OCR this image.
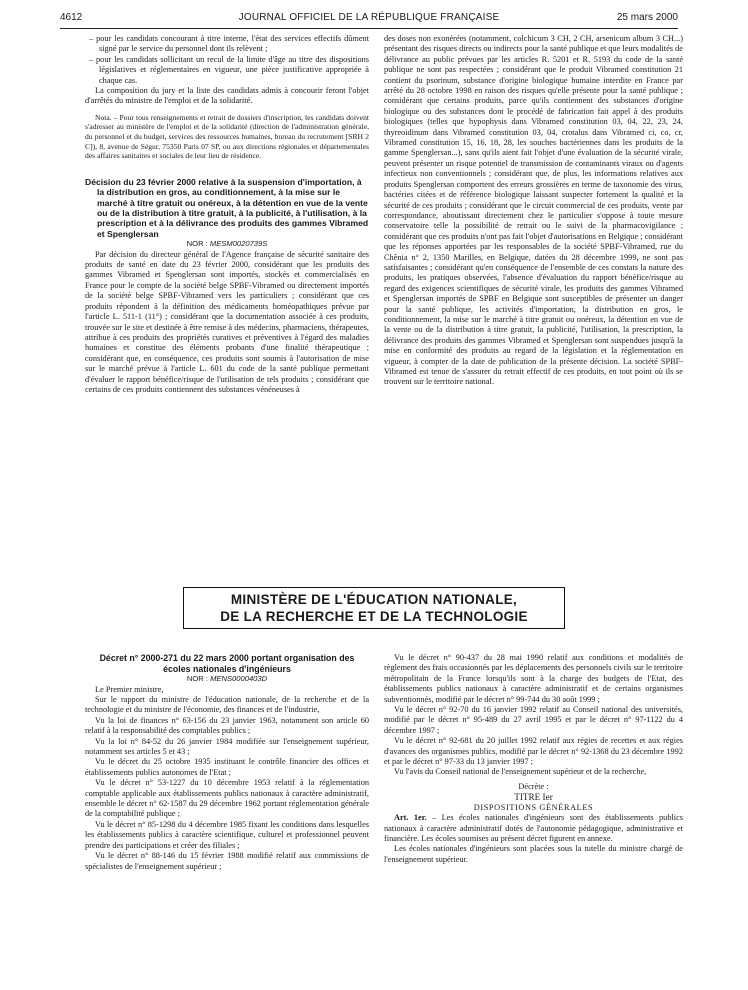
4612	JOURNAL OFFICIEL DE LA RÉPUBLIQUE FRANÇAISE	25 mars 2000

– pour les candidats concourant à titre interne, l'état des services effectifs dûment signé par le service du personnel dont ils relèvent ;

– pour les candidats sollicitant un recul de la limite d'âge au titre des dispositions législatives et réglementaires en vigueur, une pièce justificative appropriée à chaque cas.

La composition du jury et la liste des candidats admis à concourir feront l'objet d'arrêtés du ministre de l'emploi et de la solidarité.

Nota. – Pour tous renseignements et retrait de dossiers d'inscription, les candidats doivent s'adresser au ministère de l'emploi et de la solidarité (direction de l'administration générale, du personnel et du budget, services des ressources humaines, bureau du recrutement [SRH 2 C]), 8, avenue de Ségur, 75350 Paris 07 SP, ou aux directions régionales et départementales des affaires sanitaires et sociales de leur lieu de résidence.

Décision du 23 février 2000 relative à la suspension d'importation, à la distribution en gros, au conditionnement, à la mise sur le marché à titre gratuit ou onéreux, à la détention en vue de la vente ou de la distribution à titre gratuit, à la publicité, à l'utilisation, à la prescription et à la délivrance des produits des gammes Vibramed et Spenglersan

NOR : MESM0020739S

Par décision du directeur général de l'Agence française de sécurité sanitaire des produits de santé en date du 23 février 2000, considérant que les produits des gammes Vibramed et Spenglersan sont importés, stockés et commercialisés en France pour le compte de la société belge SPBF-Vibramed ou directement importés de la société belge SPBF-Vibramed vers les particuliers ; considérant que ces produits répondent à la définition des médicaments homéopathiques prévue par l'article L. 511-1 (11°) ; considérant que la documentation associée à ces produits, trouvée sur le site et destinée à être remise à des médecins, pharmaciens, thérapeutes, attribue à ces produits des propriétés curatives et préventives à l'égard des maladies humaines et constitue des éléments probants d'une finalité thérapeutique ; considérant que, en conséquence, ces produits sont soumis à l'autorisation de mise sur le marché prévue à l'article L. 601 du code de la santé publique permettant d'évaluer le rapport bénéfice/risque de l'utilisation de tels produits ; considérant que certains de ces produits contiennent des substances vénéneuses à

des doses non exonérées (notamment, colchicum 3 CH, 2 CH, arsenicum album 3 CH...) présentant des risques directs ou indirects pour la santé publique et que leurs modalités de délivrance au public prévues par les articles R. 5201 et R. 5193 du code de la santé publique ne sont pas respectées ; considérant que le produit Vibramed constitution 21 contient du psorinum, substance d'origine biologique humaine interdite en France par arrêté du 28 octobre 1998 en raison des risques qu'elle présente pour la santé publique ; considérant que certains produits, parce qu'ils contiennent des substances d'origine biologique ou des substances dont le procédé de fabrication fait appel à des produits biologiques (telles que hypophysis dans Vibramed constitution 03, 04, 22, 23, 24, thyreoidinum dans Vibramed constitution 03, 04, crotalus dans Vibramed ci, co, cr, Vibramed constitution 15, 16, 18, 28, les souches bactériennes dans les produits de la gamme Spenglersan...), sans qu'ils aient fait l'objet d'une évaluation de la sécurité virale, peuvent présenter un risque potentiel de transmission de contaminants viraux ou d'agents infectieux non conventionnels ; considérant que, de plus, les informations relatives aux produits Spenglersan comportent des erreurs grossières en terme de taxonomie des virus, bactéries citées et de référence biologique laissant suspecter fortement la qualité et la sécurité de ces produits ; considérant que le circuit commercial de ces produits, vente par correspondance, aboutissant directement chez le particulier s'oppose à toute mesure conservatoire telle la possibilité de retrait ou le suivi de la pharmacovigilance ; considérant que ces produits n'ont pas fait l'objet d'autorisations en Belgique ; considérant que les réponses apportées par les responsables de la société SPBF-Vibramed, rue du Chênia n° 2, 1350 Marilles, en Belgique, datées du 28 décembre 1999, ne sont pas satisfaisantes ; considérant qu'en conséquence de l'ensemble de ces constats la nature des produits, les pratiques observées, l'absence d'évaluation du rapport bénéfice/risque au regard des exigences scientifiques de sécurité virale, les produits des gammes Vibramed et Spenglersan importés de SPBF en Belgique sont susceptibles de présenter un danger pour la santé publique, les activités d'importation, la distribution en gros, le conditionnement, la mise sur le marché à titre gratuit ou onéreux, la détention en vue de la vente ou de la distribution à titre gratuit, la publicité, l'utilisation, la prescription, la délivrance des produits des gammes Vibramed et Spenglersan sont suspendues jusqu'à la mise en conformité des produits au regard de la législation et la réglementation en vigueur, à compter de la date de publication de la présente décision. La société SPBF-Vibramed est tenue de s'assurer du retrait effectif de ces produits, en tout point où ils se trouvent sur le territoire national.

MINISTÈRE DE L'ÉDUCATION NATIONALE,
DE LA RECHERCHE ET DE LA TECHNOLOGIE

Décret n° 2000-271 du 22 mars 2000 portant organisation des écoles nationales d'ingénieurs

NOR : MENS0000403D

Le Premier ministre,

Sur le rapport du ministre de l'éducation nationale, de la recherche et de la technologie et du ministre de l'économie, des finances et de l'industrie,

Vu la loi de finances n° 63-156 du 23 janvier 1963, notamment son article 60 relatif à la responsabilité des comptables publics ;

Vu la loi n° 84-52 du 26 janvier 1984 modifiée sur l'enseignement supérieur, notamment ses articles 5 et 43 ;

Vu le décret du 25 octobre 1935 instituant le contrôle financier des offices et établissements publics autonomes de l'Etat ;

Vu le décret n° 53-1227 du 10 décembre 1953 relatif à la réglementation comptable applicable aux établissements publics nationaux à caractère administratif, ensemble le décret n° 62-1587 du 29 décembre 1962 portant réglementation générale de la comptabilité publique ;

Vu le décret n° 85-1298 du 4 décembre 1985 fixant les conditions dans lesquelles les établissements publics à caractère scientifique, culturel et professionnel peuvent prendre des participations et créer des filiales ;

Vu le décret n° 88-146 du 15 février 1988 modifié relatif aux commissions de spécialistes de l'enseignement supérieur ;

Vu le décret n° 90-437 du 28 mai 1990 relatif aux conditions et modalités de règlement des frais occasionnés par les déplacements des personnels civils sur le territoire métropolitain de la France lorsqu'ils sont à la charge des budgets de l'Etat, des établissements publics nationaux à caractère administratif et de certains organismes subventionnés, modifié par le décret n° 99-744 du 30 août 1999 ;

Vu le décret n° 92-70 du 16 janvier 1992 relatif au Conseil national des universités, modifié par le décret n° 95-489 du 27 avril 1995 et par le décret n° 97-1122 du 4 décembre 1997 ;

Vu le décret n° 92-681 du 20 juillet 1992 relatif aux régies de recettes et aux régies d'avances des organismes publics, modifié par le décret n° 92-1368 du 23 décembre 1992 et par le décret n° 97-33 du 13 janvier 1997 ;

Vu l'avis du Conseil national de l'enseignement supérieur et de la recherche,

Décrète :

TITRE Ier

DISPOSITIONS GÉNÉRALES

Art. 1er. – Les écoles nationales d'ingénieurs sont des établissements publics nationaux à caractère administratif dotés de l'autonomie pédagogique, administrative et financière. Les écoles soumises au présent décret figurent en annexe.

Les écoles nationales d'ingénieurs sont placées sous la tutelle du ministre chargé de l'enseignement supérieur.
